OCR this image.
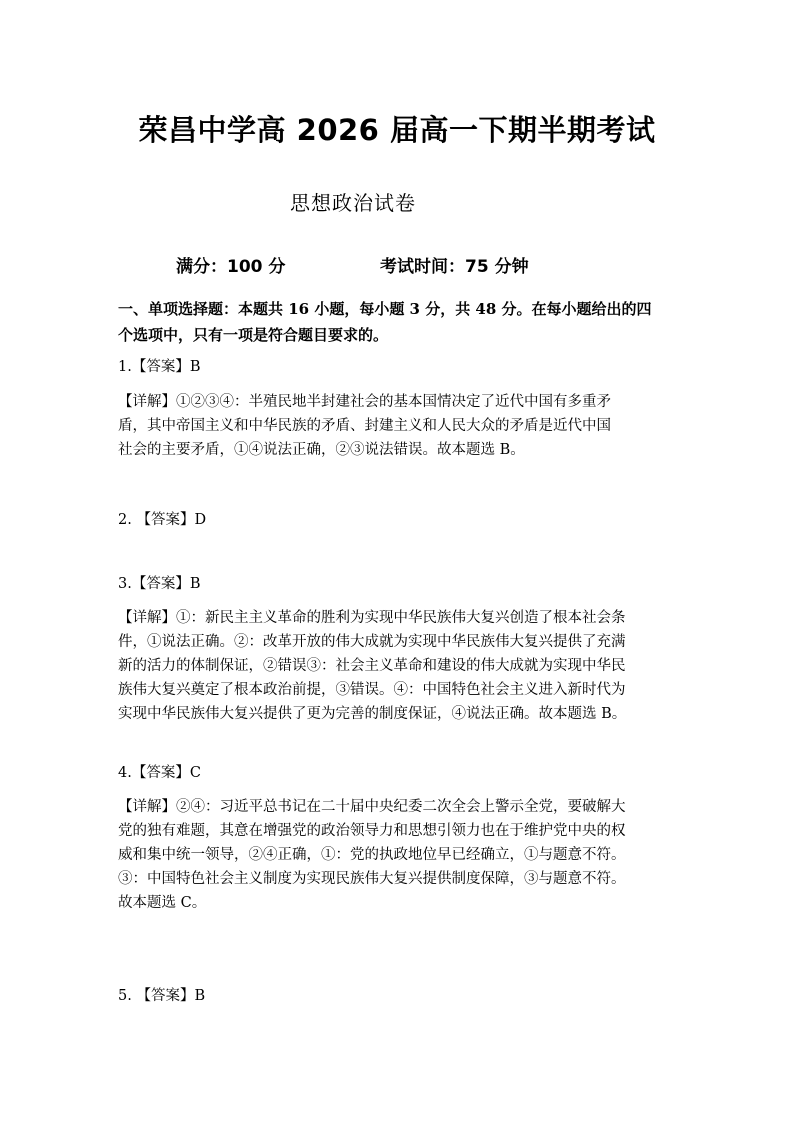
荣昌中学高 2026 届高一下期半期考试
思想政治试卷
满分：100 分	考试时间：75 分钟
一、单项选择题：本题共 16 小题，每小题 3 分，共 48 分。在每小题给出的四
个选项中，只有一项是符合题目要求的。
1.【答案】B

【详解】①②③④：半殖民地半封建社会的基本国情决定了近代中国有多重矛

盾，其中帝国主义和中华民族的矛盾、封建主义和人民大众的矛盾是近代中国

社会的主要矛盾，①④说法正确，②③说法错误。故本题选 B。

2. 【答案】D
3.【答案】B

【详解】①：新民主主义革命的胜利为实现中华民族伟大复兴创造了根本社会条

件，①说法正确。②：改革开放的伟大成就为实现中华民族伟大复兴提供了充满

新的活力的体制保证，②错误③：社会主义革命和建设的伟大成就为实现中华民

族伟大复兴奠定了根本政治前提，③错误。④：中国特色社会主义进入新时代为

实现中华民族伟大复兴提供了更为完善的制度保证，④说法正确。故本题选 B。

4.【答案】C

【详解】②④：习近平总书记在二十届中央纪委二次全会上警示全党，要破解大

党的独有难题，其意在增强党的政治领导力和思想引领力也在于维护党中央的权

威和集中统一领导，②④正确，①：党的执政地位早已经确立，①与题意不符。

③：中国特色社会主义制度为实现民族伟大复兴提供制度保障，③与题意不符。

故本题选 C。

5. 【答案】B
